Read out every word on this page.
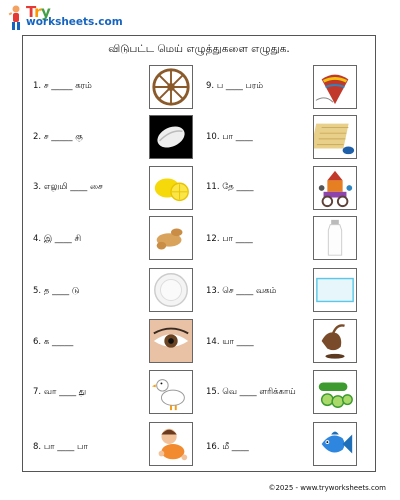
Try
worksheets.com
விடுபட்ட மெய் எழுத்துகளை எழுதுக.
1. ச _____ கரம்
2. ச _____ கு
3. எலுமி ____ சை
4. இ ____ சி
5. த ____ டு
6. க _____
7. வா ____ து
8. பா ____ பா
9. ப ____ பரம்
10. பா ____
11. தே ____
12. பா ____
13. செ ____ வகம்
14. யா ____
15. வெ ____ ளரிக்காய்
16. மீ ____
©2025 - www.tryworksheets.com
